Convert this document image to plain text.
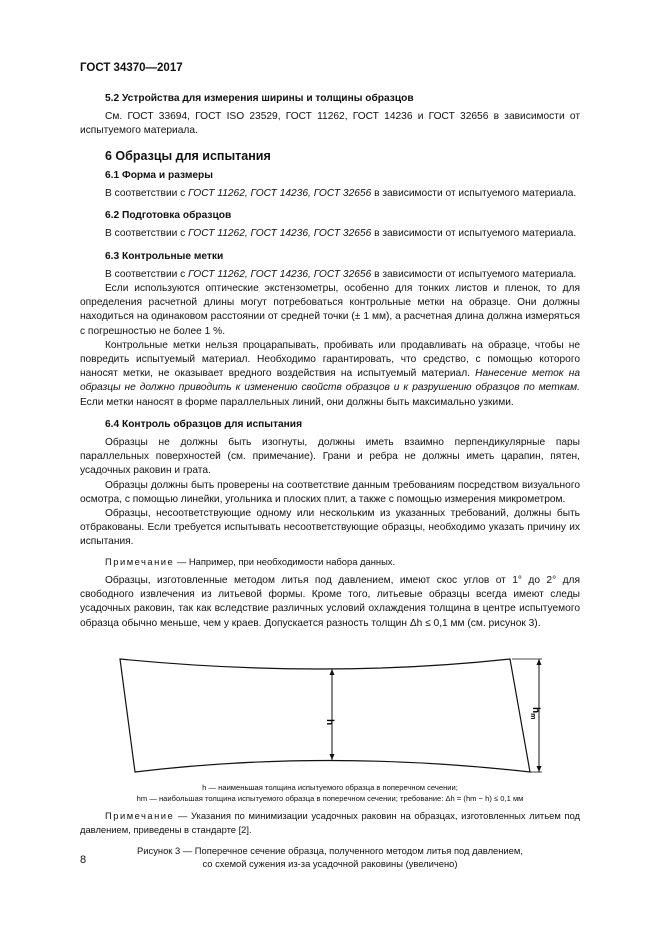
ГОСТ 34370—2017
5.2 Устройства для измерения ширины и толщины образцов

См. ГОСТ 33694, ГОСТ ISO 23529, ГОСТ 11262, ГОСТ 14236 и ГОСТ 32656 в зависимости от испытуемого материала.

6 Образцы для испытания
6.1 Форма и размеры

В соответствии с ГОСТ 11262, ГОСТ 14236, ГОСТ 32656 в зависимости от испытуемого материала.

6.2 Подготовка образцов

В соответствии с ГОСТ 11262, ГОСТ 14236, ГОСТ 32656 в зависимости от испытуемого материала.

6.3 Контрольные метки

В соответствии с ГОСТ 11262, ГОСТ 14236, ГОСТ 32656 в зависимости от испытуемого материала.

Если используются оптические экстензометры, особенно для тонких листов и пленок, то для определения расчетной длины могут потребоваться контрольные метки на образце. Они должны находиться на одинаковом расстоянии от средней точки (± 1 мм), а расчетная длина должна измеряться с погрешностью не более 1 %.

Контрольные метки нельзя процарапывать, пробивать или продавливать на образце, чтобы не повредить испытуемый материал. Необходимо гарантировать, что средство, с помощью которого наносят метки, не оказывает вредного воздействия на испытуемый материал. Нанесение меток на образцы не должно приводить к изменению свойств образцов и к разрушению образцов по меткам. Если метки наносят в форме параллельных линий, они должны быть максимально узкими.

6.4 Контроль образцов для испытания

Образцы не должны быть изогнуты, должны иметь взаимно перпендикулярные пары параллельных поверхностей (см. примечание). Грани и ребра не должны иметь царапин, пятен, усадочных раковин и грата.

Образцы должны быть проверены на соответствие данным требованиям посредством визуального осмотра, с помощью линейки, угольника и плоских плит, а также с помощью измерения микрометром.

Образцы, несоответствующие одному или нескольким из указанных требований, должны быть отбракованы. Если требуется испытывать несоответствующие образцы, необходимо указать причину их испытания.

Примечание — Например, при необходимости набора данных.

Образцы, изготовленные методом литья под давлением, имеют скос углов от 1° до 2° для свободного извлечения из литьевой формы. Кроме того, литьевые образцы всегда имеют следы усадочных раковин, так как вследствие различных условий охлаждения толщина в центре испытуемого образца обычно меньше, чем у краев. Допускается разность толщин Δh ≤ 0,1 мм (см. рисунок 3).

h
$h_m$
h — наименьшая толщина испытуемого образца в поперечном сечении;
hm — наибольшая толщина испытуемого образца в поперечном сечении; требование: Δh = (hm − h) ≤ 0,1 мм

Примечание — Указания по минимизации усадочных раковин на образцах, изготовленных литьем под давлением, приведены в стандарте [2].

Рисунок 3 — Поперечное сечение образца, полученного методом литья под давлением,
со схемой сужения из-за усадочной раковины (увеличено)
8
